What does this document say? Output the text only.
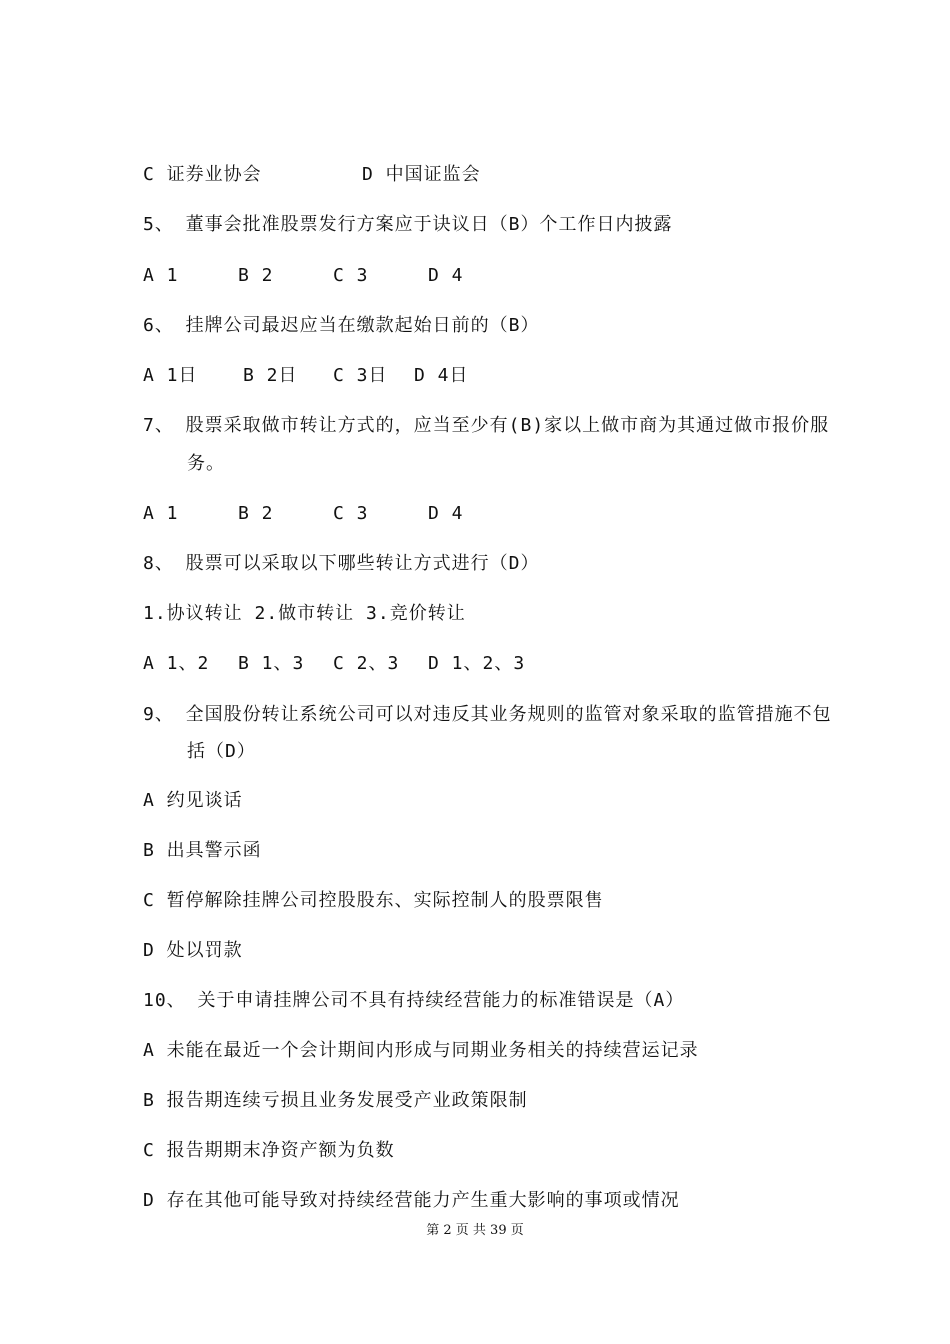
C 证券业协会	D 中国证监会
5、 董事会批准股票发行方案应于诀议日（B）个工作日内披露
A 1	B 2	C 3	D 4
6、 挂牌公司最迟应当在缴款起始日前的（B）
A 1日	B 2日 C 3日 D 4日
7、 股票采取做市转让方式的，应当至少有(B)家以上做市商为其通过做市报价服
务。
A 1	B 2	C 3	D 4
8、 股票可以采取以下哪些转让方式进行（D）
1.协议转让 2.做市转让 3.竞价转让
A 1、2 B 1、3 C 2、3 D 1、2、3
9、 全国股份转让系统公司可以对违反其业务规则的监管对象采取的监管措施不包
括（D）
A 约见谈话
B 出具警示函
C 暂停解除挂牌公司控股股东、实际控制人的股票限售
D 处以罚款
10、 关于申请挂牌公司不具有持续经营能力的标准错误是（A）
A 未能在最近一个会计期间内形成与同期业务相关的持续营运记录
B 报告期连续亏损且业务发展受产业政策限制
C 报告期期末净资产额为负数
D 存在其他可能导致对持续经营能力产生重大影响的事项或情况
第 2 页 共 39 页
